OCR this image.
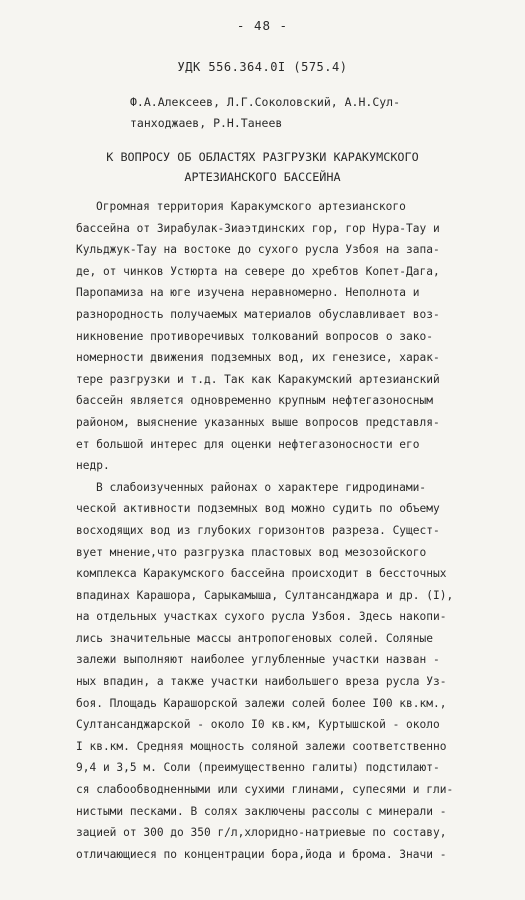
- 48 -
УДК 556.364.0I (575.4)
Ф.А.Алексеев, Л.Г.Соколовский, А.Н.Сул-
танходжаев, Р.Н.Танеев
К ВОПРОСУ ОБ ОБЛАСТЯХ РАЗГРУЗКИ КАРАКУМСКОГО
АРТЕЗИАНСКОГО БАССЕЙНА
Огромная территория Каракумского артезианского
бассейна от Зирабулак-Зиаэтдинских гор, гор Нура-Тау и
Кульджук-Тау на востоке до сухого русла Узбоя на запа-
де, от чинков Устюрта на севере до хребтов Копет-Дага,
Паропамиза на юге изучена неравномерно. Неполнота и
разнородность получаемых материалов обуславливает воз-
никновение противоречивых толкований вопросов о зако-
номерности движения подземных вод, их генезисе, харак-
тере разгрузки и т.д. Так как Каракумский артезианский
бассейн является одновременно крупным нефтегазоносным
районом, выяснение указанных выше вопросов представля-
ет большой интерес для оценки нефтегазоносности его
недр.
В слабоизученных районах о характере гидродинами-
ческой активности подземных вод можно судить по объему
восходящих вод из глубоких горизонтов разреза. Сущест-
вует мнение,что разгрузка пластовых вод мезозойского
комплекса Каракумского бассейна происходит в бессточных
впадинах Карашора, Сарыкамыша, Султансанджара и др. (I),
на отдельных участках сухого русла Узбоя. Здесь накопи-
лись значительные массы антропогеновых солей. Соляные
залежи выполняют наиболее углубленные участки назван -
ных впадин, а также участки наибольшего вреза русла Уз-
боя. Площадь Карашорской залежи солей более I00 кв.км.,
Султансанджарской - около I0 кв.км, Куртышской - около
I кв.км. Средняя мощность соляной залежи соответственно
9,4 и 3,5 м. Соли (преимущественно галиты) подстилают-
ся слабообводненными или сухими глинами, супесями и гли-
нистыми песками. В солях заключены рассолы с минерали -
зацией от 300 до 350 г/л,хлоридно-натриевые по составу,
отличающиеся по концентрации бора,йода и брома. Значи -
